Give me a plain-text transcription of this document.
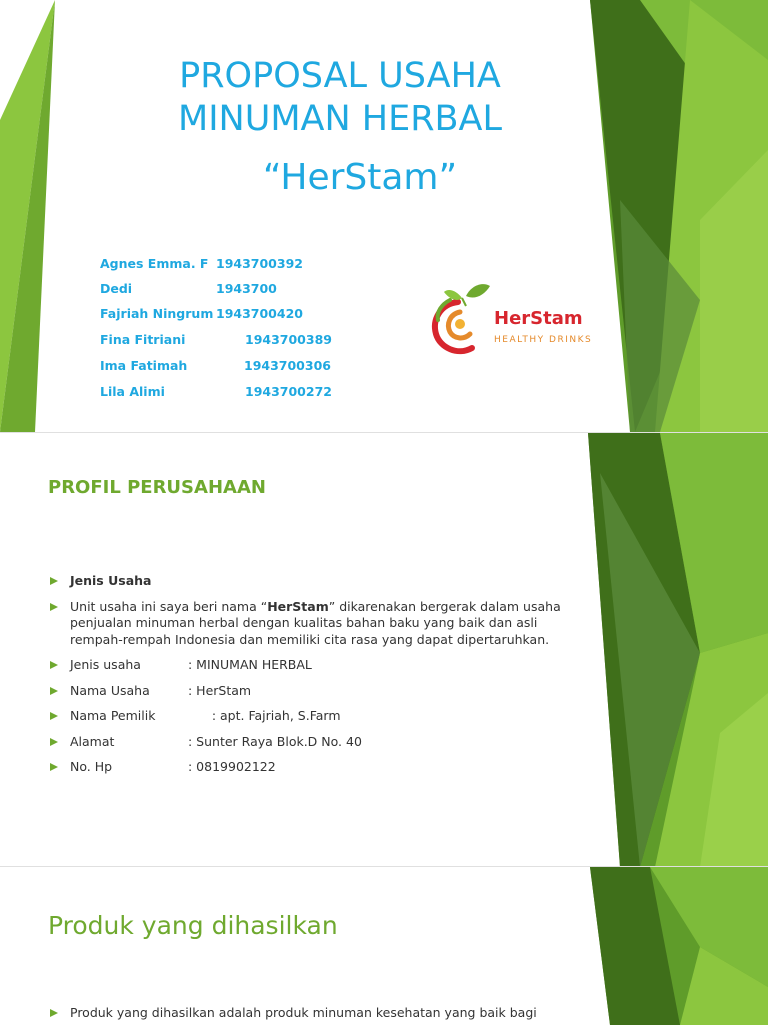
PROPOSAL USAHA
MINUMAN HERBAL
“HerStam”
Agnes Emma. F 1943700392
Dedi	1943700
Fajriah Ningrum 1943700420
Fina Fitriani	1943700389
Ima Fatimah	1943700306
Lila Alimi	1943700272
HerStam
HEALTHY DRINKS
PROFIL PERUSAHAAN
Jenis Usaha
Unit usaha ini saya beri nama “HerStam” dikarenakan bergerak dalam usaha penjualan minuman herbal dengan kualitas bahan baku yang baik dan asli rempah-rempah Indonesia dan memiliki cita rasa yang dapat dipertaruhkan.
Jenis usaha	: MINUMAN HERBAL
Nama Usaha	: HerStam
Nama Pemilik	: apt. Fajriah, S.Farm
Alamat	: Sunter Raya Blok.D No. 40
No. Hp	: 0819902122
Produk yang dihasilkan
Produk yang dihasilkan adalah produk minuman kesehatan yang baik bagi
